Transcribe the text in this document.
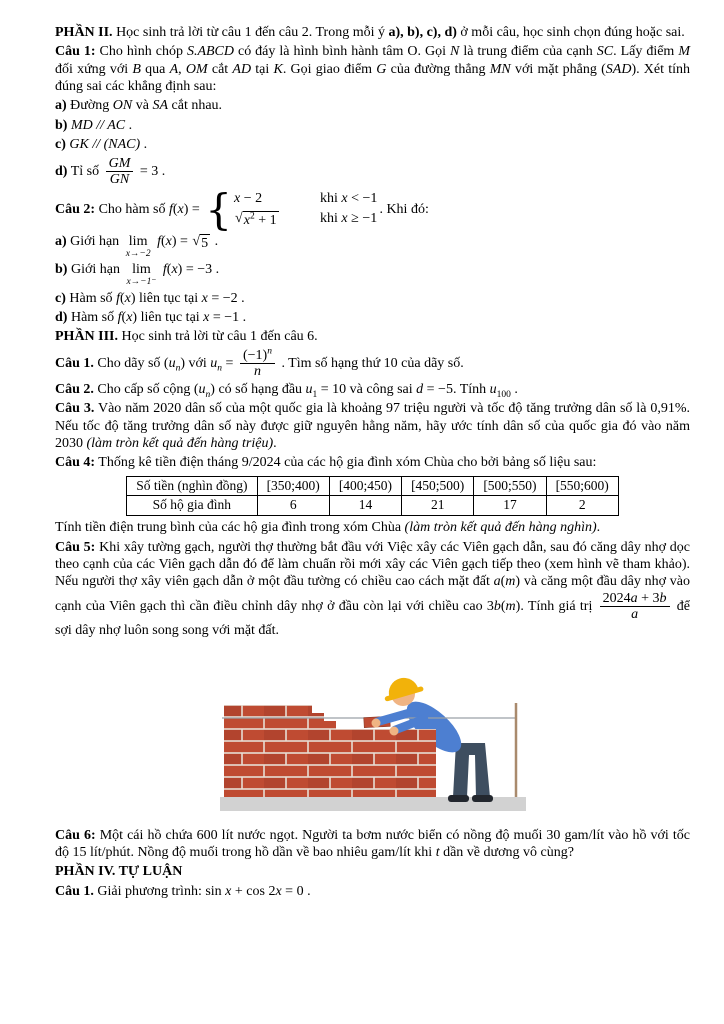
PHẦN II. Học sinh trả lời từ câu 1 đến câu 2. Trong mỗi ý a), b), c), d) ở mỗi câu, học sinh chọn đúng hoặc sai.

Câu 1: Cho hình chóp S.ABCD có đáy là hình bình hành tâm O. Gọi N là trung điểm của cạnh SC. Lấy điểm M đối xứng với B qua A, OM cắt AD tại K. Gọi giao điểm G của đường thẳng MN với mặt phẳng (SAD). Xét tính đúng sai các khẳng định sau:

a) Đường ON và SA cắt nhau.

b) MD // AC .

c) GK // (NAC) .

d) Tỉ số $\frac{GM}{GN} = 3$ .

Câu 2: Cho hàm số f(x) = { x − 2	khi x < −1
√ $x^2 + 1$	khi x ≥ −1
. Khi đó:

a) Giới hạn lim
x→−2
f(x) = √ 5 .

b) Giới hạn lim
x→−1⁻
f(x) = −3 .

c) Hàm số f(x) liên tục tại x = −2 .

d) Hàm số f(x) liên tục tại x = −1 .

PHẦN III. Học sinh trả lời từ câu 1 đến câu 6.

Câu 1. Cho dãy số $(u_n)$ với $u_n = \frac{(-1)^n}{n}$ . Tìm số hạng thứ 10 của dãy số.

Câu 2. Cho cấp số cộng $(u_n)$ có số hạng đầu $u_1 = 10$ và công sai d = −5. Tính $u_{100}$ .

Câu 3. Vào năm 2020 dân số của một quốc gia là khoảng 97 triệu người và tốc độ tăng trưởng dân số là 0,91%. Nếu tốc độ tăng trưởng dân số này được giữ nguyên hằng năm, hãy ước tính dân số của quốc gia đó vào năm 2030 (làm tròn kết quả đến hàng triệu).

Câu 4: Thống kê tiền điện tháng 9/2024 của các hộ gia đình xóm Chùa cho bởi bảng số liệu sau:

Số tiền (nghìn đồng)	[350;400)	[400;450)	[450;500)	[500;550)	[550;600)
Số hộ gia đình	6	14	21	17	2

Tính tiền điện trung bình của các hộ gia đình trong xóm Chùa (làm tròn kết quả đến hàng nghìn).

Câu 5: Khi xây tường gạch, người thợ thường bắt đầu với Việc xây các Viên gạch dẫn, sau đó căng dây nhợ dọc theo cạnh của các Viên gạch dẫn đó để làm chuẩn rồi mới xây các Viên gạch tiếp theo (xem hình vẽ tham khảo). Nếu người thợ xây viên gạch dẫn ở một đầu tường có chiều cao cách mặt đất a(m) và căng một đầu dây nhợ vào cạnh của Viên gạch thì cần điều chỉnh dây nhợ ở đầu còn lại với chiều cao 3b(m). Tính giá trị $\frac{2024a + 3b}{a}$ để sợi dây nhợ luôn song song với mặt đất.

Câu 6: Một cái hồ chứa 600 lít nước ngọt. Người ta bơm nước biển có nồng độ muối 30 gam/lít vào hồ với tốc độ 15 lít/phút. Nồng độ muối trong hồ dần về bao nhiêu gam/lít khi t dần về dương vô cùng?

PHẦN IV. TỰ LUẬN

Câu 1. Giải phương trình: sin x + cos 2x = 0 .
